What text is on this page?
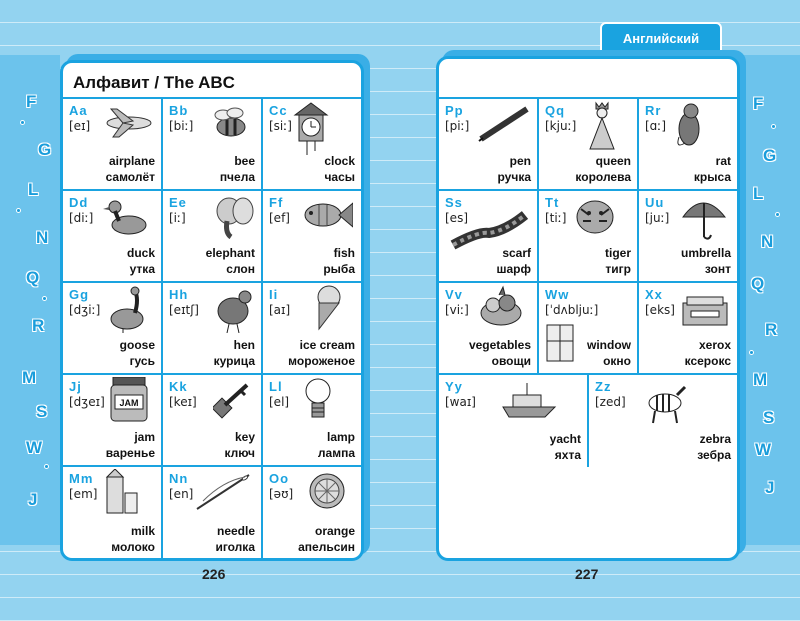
F
G
L
N
Q
R
M
S
W
J
F
G
L
N
Q
R
M
S
W
J
Английский
Алфавит / The ABC
Aa
[eɪ]
airplane
самолёт
Bb
[biː]
bee
пчела
Cc
[siː]
clock
часы
Dd
[diː]
duck
утка
Ee
[iː]
elephant
слон
Ff
[ef]
fish
рыба
Gg
[dʒiː]
goose
гусь
Hh
[eɪtʃ]
hen
курица
Ii
[aɪ]
ice cream
мороженое
Jj
[dʒeɪ]	JAM
jam
варенье
Kk
[keɪ]
key
ключ
Ll
[el]
lamp
лампа
Mm
[em]
milk
молоко
Nn
[en]
needle
иголка
Oo
[əʊ]
orange
апельсин
226
Pp
[piː]
pen
ручка
Qq
[kjuː]
queen
королева
Rr
[ɑː]
rat
крыса
Ss
[es]
scarf
шарф
Tt
[tiː]
tiger
тигр
Uu
[juː]
umbrella
зонт
Vv
[viː]
vegetables
овощи
Ww
[ˈdʌbljuː]
window
окно
Xx
[eks]
xerox
ксерокс
Yy
[waɪ]
yacht
яхта
Zz
[zed]
zebra
зебра
227
